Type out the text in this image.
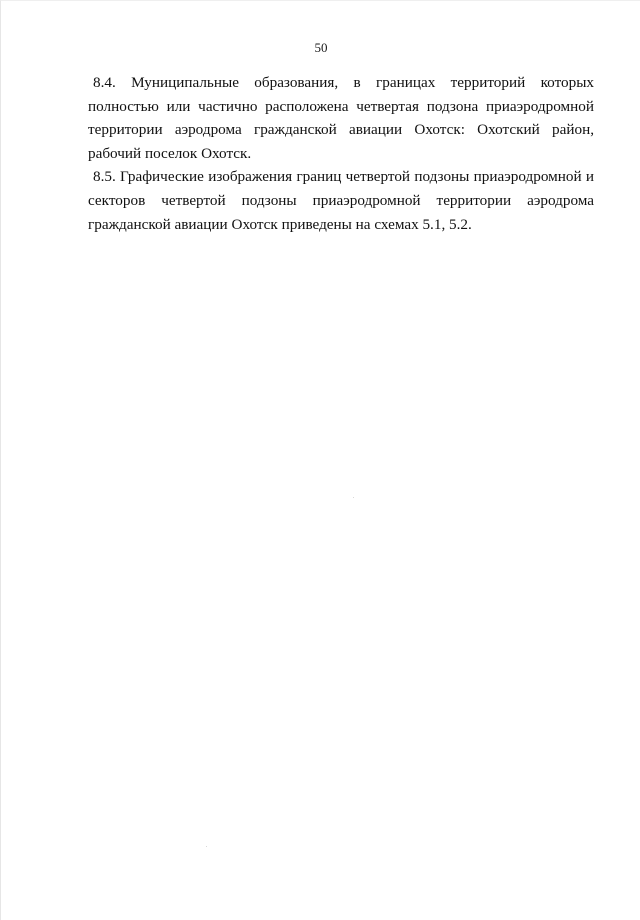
50

8.4. Муниципальные образования, в границах территорий которых полностью или частично расположена четвертая подзона приаэродромной территории аэродрома гражданской авиации Охотск: Охотский район, рабочий поселок Охотск.

8.5. Графические изображения границ четвертой подзоны приаэродромной и секторов четвертой подзоны приаэродромной территории аэродрома гражданской авиации Охотск приведены на схемах 5.1, 5.2.
